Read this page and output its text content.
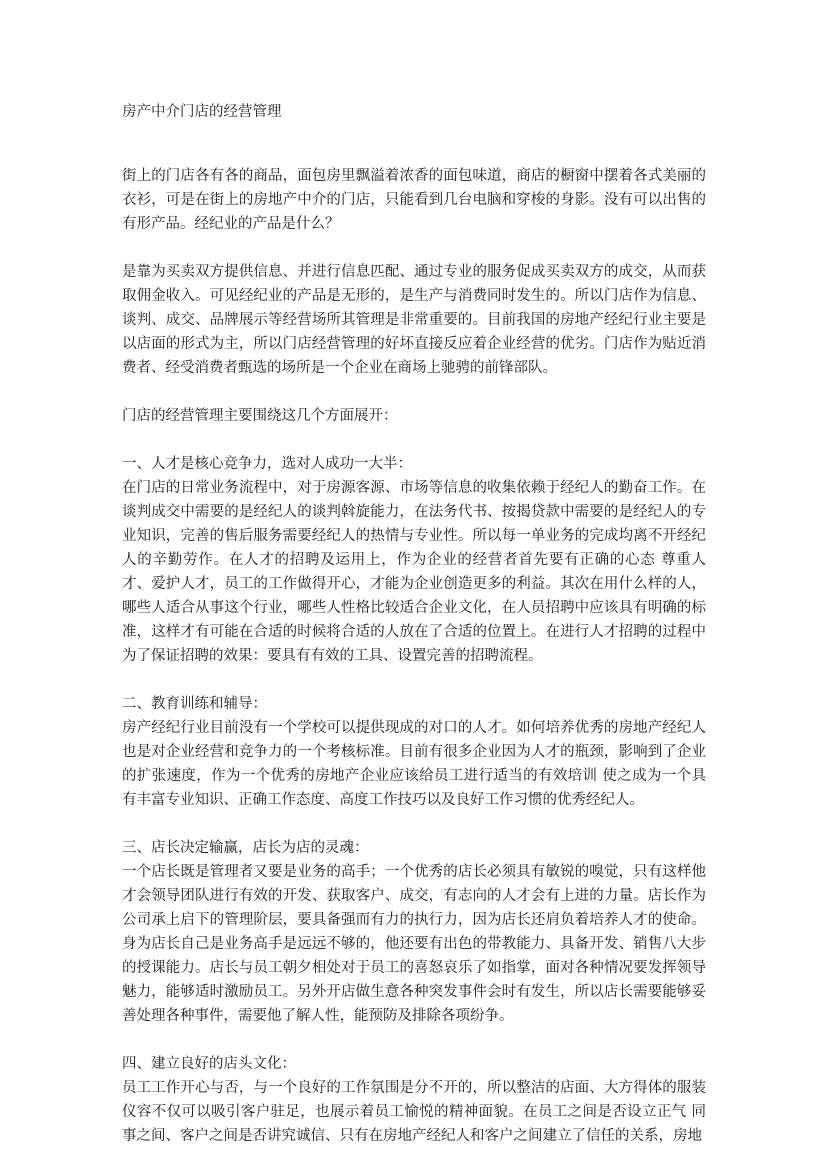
房产中介门店的经营管理

街上的门店各有各的商品，面包房里飘溢着浓香的面包味道，商店的橱窗中摆着各式美丽的衣衫，可是在街上的房地产中介的门店，只能看到几台电脑和穿梭的身影。没有可以出售的有形产品。经纪业的产品是什么？

是靠为买卖双方提供信息、并进行信息匹配、通过专业的服务促成买卖双方的成交，从而获取佣金收入。可见经纪业的产品是无形的，是生产与消费同时发生的。所以门店作为信息、谈判、成交、品牌展示等经营场所其管理是非常重要的。目前我国的房地产经纪行业主要是以店面的形式为主，所以门店经营管理的好坏直接反应着企业经营的优劣。门店作为贴近消费者、经受消费者甄选的场所是一个企业在商场上驰骋的前锋部队。

门店的经营管理主要围绕这几个方面展开：

一、人才是核心竞争力，选对人成功一大半：

在门店的日常业务流程中，对于房源客源、市场等信息的收集依赖于经纪人的勤奋工作。在谈判成交中需要的是经纪人的谈判斡旋能力，在法务代书、按揭贷款中需要的是经纪人的专业知识，完善的售后服务需要经纪人的热情与专业性。所以每一单业务的完成均离不开经纪人的辛勤劳作。在人才的招聘及运用上，作为企业的经营者首先要有正确的心态 尊重人才、爱护人才，员工的工作做得开心，才能为企业创造更多的利益。其次在用什么样的人，哪些人适合从事这个行业，哪些人性格比较适合企业文化，在人员招聘中应该具有明确的标准，这样才有可能在合适的时候将合适的人放在了合适的位置上。在进行人才招聘的过程中为了保证招聘的效果：要具有有效的工具、设置完善的招聘流程。

二、教育训练和辅导：

房产经纪行业目前没有一个学校可以提供现成的对口的人才。如何培养优秀的房地产经纪人也是对企业经营和竞争力的一个考核标准。目前有很多企业因为人才的瓶颈，影响到了企业的扩张速度，作为一个优秀的房地产企业应该给员工进行适当的有效培训 使之成为一个具有丰富专业知识、正确工作态度、高度工作技巧以及良好工作习惯的优秀经纪人。

三、店长决定输赢，店长为店的灵魂：

一个店长既是管理者又要是业务的高手；一个优秀的店长必须具有敏锐的嗅觉，只有这样他才会领导团队进行有效的开发、获取客户、成交，有志向的人才会有上进的力量。店长作为公司承上启下的管理阶层，要具备强而有力的执行力，因为店长还肩负着培养人才的使命。身为店长自己是业务高手是远远不够的，他还要有出色的带教能力、具备开发、销售八大步的授课能力。店长与员工朝夕相处对于员工的喜怒哀乐了如指掌，面对各种情况要发挥领导魅力，能够适时激励员工。另外开店做生意各种突发事件会时有发生，所以店长需要能够妥善处理各种事件，需要他了解人性，能预防及排除各项纷争。

四、建立良好的店头文化：

员工工作开心与否，与一个良好的工作氛围是分不开的，所以整洁的店面、大方得体的服装仪容不仅可以吸引客户驻足，也展示着员工愉悦的精神面貌。在员工之间是否设立正气 同事之间、客户之间是否讲究诚信、只有在房地产经纪人和客户之间建立了信任的关系，房地
